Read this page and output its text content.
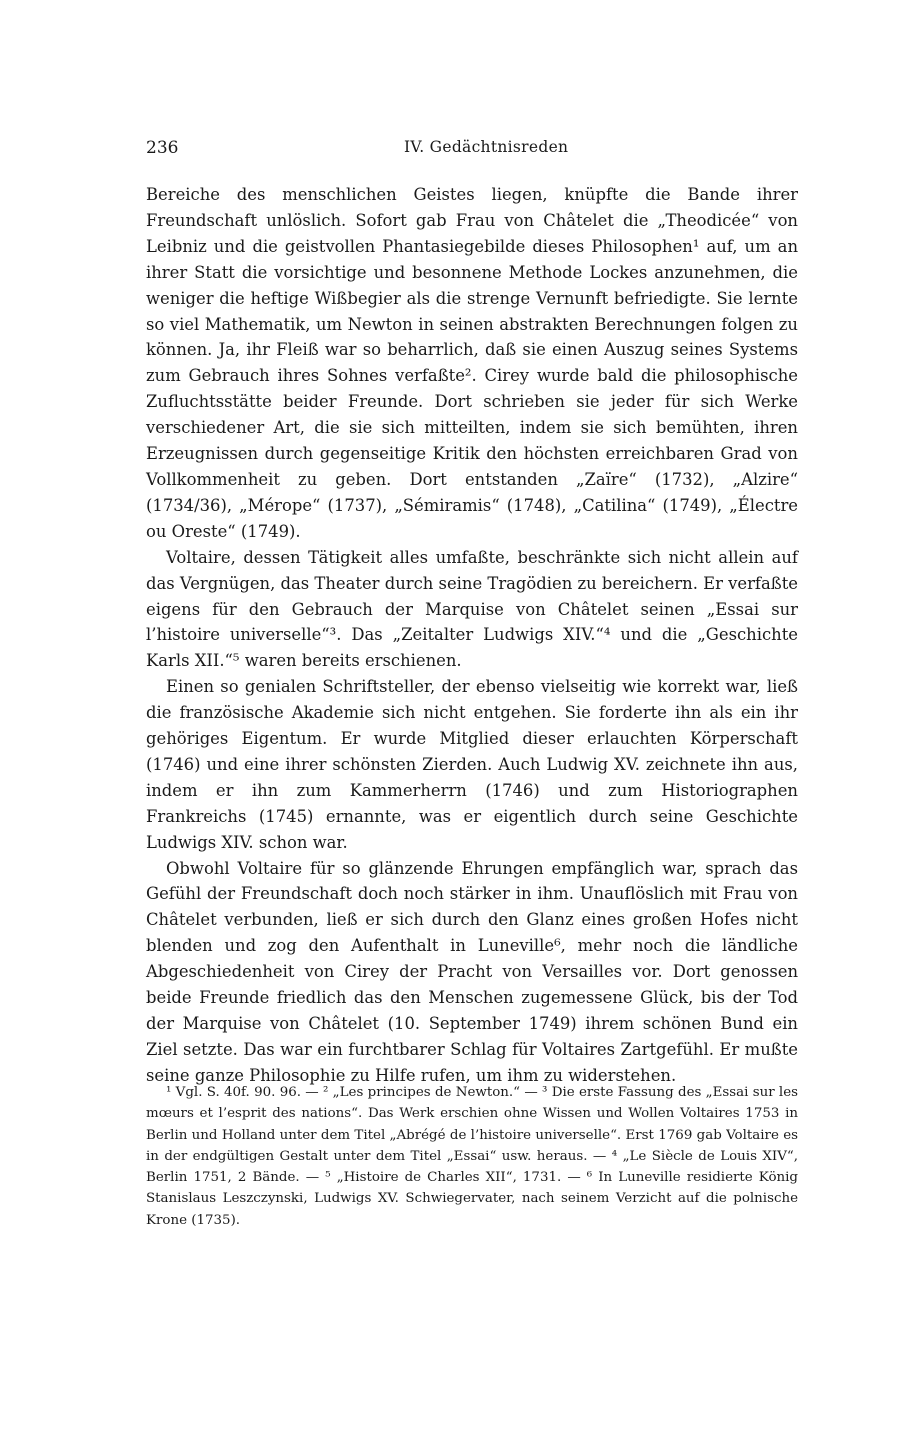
236	IV. Gedächtnisreden

Bereiche des menschlichen Geistes liegen, knüpfte die Bande ihrer Freundschaft unlöslich. Sofort gab Frau von Châtelet die „Theodicée“ von Leibniz und die geistvollen Phantasiegebilde dieses Philosophen¹ auf, um an ihrer Statt die vorsichtige und besonnene Methode Lockes anzunehmen, die weniger die heftige Wißbegier als die strenge Vernunft befriedigte. Sie lernte so viel Mathematik, um Newton in seinen abstrakten Berechnungen folgen zu können. Ja, ihr Fleiß war so beharrlich, daß sie einen Auszug seines Systems zum Gebrauch ihres Sohnes verfaßte². Cirey wurde bald die philosophische Zufluchtsstätte beider Freunde. Dort schrieben sie jeder für sich Werke verschiedener Art, die sie sich mitteilten, indem sie sich bemühten, ihren Erzeugnissen durch gegenseitige Kritik den höchsten erreichbaren Grad von Vollkommenheit zu geben. Dort entstanden „Zaïre“ (1732), „Alzire“ (1734/36), „Mérope“ (1737), „Sémiramis“ (1748), „Catilina“ (1749), „Électre ou Oreste“ (1749).

Voltaire, dessen Tätigkeit alles umfaßte, beschränkte sich nicht allein auf das Vergnügen, das Theater durch seine Tragödien zu bereichern. Er verfaßte eigens für den Gebrauch der Marquise von Châtelet seinen „Essai sur l’histoire universelle“³. Das „Zeitalter Ludwigs XIV.“⁴ und die „Geschichte Karls XII.“⁵ waren bereits erschienen.

Einen so genialen Schriftsteller, der ebenso vielseitig wie korrekt war, ließ die französische Akademie sich nicht entgehen. Sie forderte ihn als ein ihr gehöriges Eigentum. Er wurde Mitglied dieser erlauchten Körperschaft (1746) und eine ihrer schönsten Zierden. Auch Ludwig XV. zeichnete ihn aus, indem er ihn zum Kammerherrn (1746) und zum Historiographen Frankreichs (1745) ernannte, was er eigentlich durch seine Geschichte Ludwigs XIV. schon war.

Obwohl Voltaire für so glänzende Ehrungen empfänglich war, sprach das Gefühl der Freundschaft doch noch stärker in ihm. Unauflöslich mit Frau von Châtelet verbunden, ließ er sich durch den Glanz eines großen Hofes nicht blenden und zog den Aufenthalt in Luneville⁶, mehr noch die ländliche Abgeschiedenheit von Cirey der Pracht von Versailles vor. Dort genossen beide Freunde friedlich das den Menschen zugemessene Glück, bis der Tod der Marquise von Châtelet (10. September 1749) ihrem schönen Bund ein Ziel setzte. Das war ein furchtbarer Schlag für Voltaires Zartgefühl. Er mußte seine ganze Philosophie zu Hilfe rufen, um ihm zu widerstehen.

¹ Vgl. S. 40f. 90. 96. — ² „Les principes de Newton.“ — ³ Die erste Fassung des „Essai sur les mœurs et l’esprit des nations“. Das Werk erschien ohne Wissen und Wollen Voltaires 1753 in Berlin und Holland unter dem Titel „Abrégé de l’histoire universelle“. Erst 1769 gab Voltaire es in der endgültigen Gestalt unter dem Titel „Essai“ usw. heraus. — ⁴ „Le Siècle de Louis XIV“, Berlin 1751, 2 Bände. — ⁵ „Histoire de Charles XII“, 1731. — ⁶ In Luneville residierte König Stanislaus Leszczynski, Ludwigs XV. Schwiegervater, nach seinem Verzicht auf die polnische Krone (1735).
